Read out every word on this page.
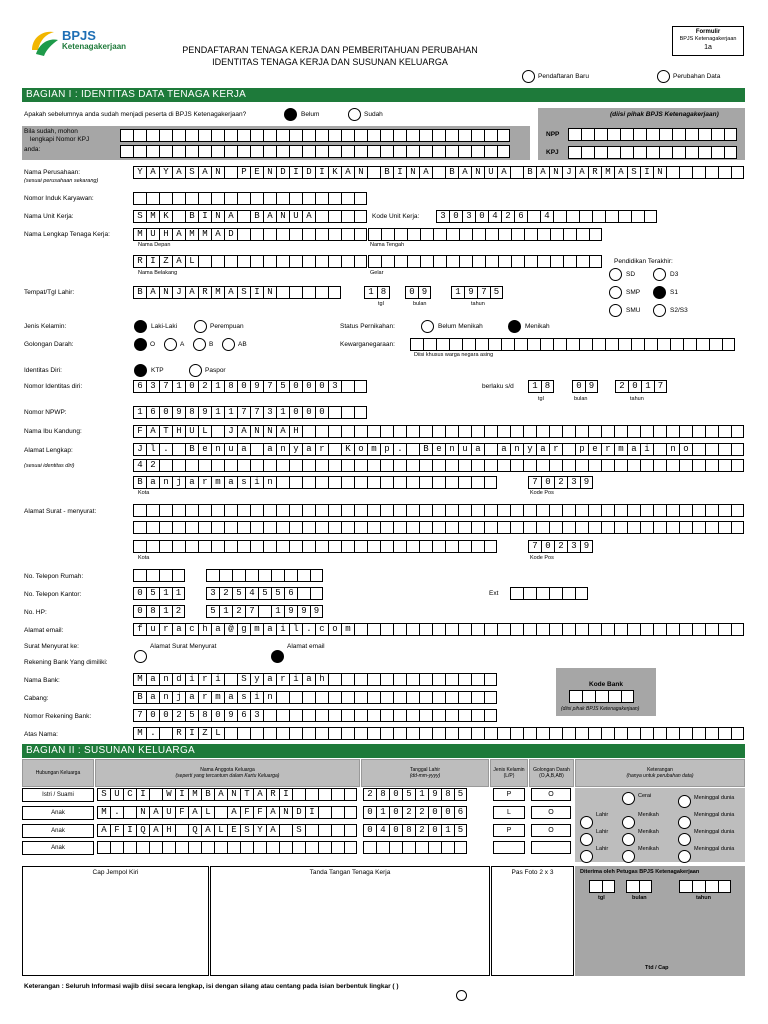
BPJS
Ketenagakerjaan	PENDAFTARAN TENAGA KERJA DAN PEMBERITAHUAN PERUBAHAN
IDENTITAS TENAGA KERJA DAN SUSUNAN KELUARGA
Formulir
BPJS Ketenagakerjaan
1a
Pendaftaran Baru	Perubahan Data
BAGIAN I : IDENTITAS DATA TENAGA KERJA
Apakah sebelumnya anda sudah menjadi peserta di BPJS Ketenagakerjaan?	Belum	Sudah
Bila sudah, mohon
lengkapi Nomor KPJ
anda:
(diisi pihak BPJS Ketenagakerjaan)
NPP
KPJ
Nama Perusahaan:
(sesuai perusahaan sekarang)
Y A Y A S A N	P E N D I D I K A N	B I N A	B A N U A	B A N J A R M A S I N
Nomor Induk Karyawan:
Nama Unit Kerja:	S M K	B I N A	B A N U A	Kode Unit Kerja:	3 0 3 0 4 2 6	4
Nama Lengkap Tenaga Kerja:	M U H A M M A D
Nama Depan	Nama Tengah
R I Z A L
Nama Belakang	Gelar
Pendidikan Terakhir:
SD	D3
SMP	S1
SMU	S2/S3
Tempat/Tgl Lahir:	B A N J A R M A S I N	1 8	0 9	1 9 7 5
tgl	bulan	tahun
Jenis Kelamin:	Laki-Laki	Perempuan	Status Pernikahan:	Belum Menikah	Menikah
Golongan Darah:	O	A	B	AB	Kewarganegaraan:
Diisi khusus warga negara asing
Identitas Diri:	KTP	Paspor
Nomor Identitas diri:	6 3 7 1 0 2 1 8 0 9 7 5 0 0 0 3	berlaku s/d	1 8	0 9	2 0 1 7
tgl	bulan	tahun
Nomor NPWP:	1 6 0 9 8 9 1 1 7 7 3 1 0 0 0
Nama Ibu Kandung:	F A T H U L	J A N N A H
Alamat Lengkap:
(sesuai identitas diri)
J l .	B e n u a	a n y a r	K o m p .	B e n u a	a n y a r	p e r m a i	n o
4 2
B a n j a r m a s i n
Kota
7 0 2 3 9
Kode Pos
Alamat Surat - menyurat:
Kota
7 0 2 3 9
Kode Pos
No. Telepon Rumah:
No. Telepon Kantor:	0 5 1 1	3 2 5 4 5 5 6	Ext
No. HP:	0 8 1 2	5 1 2 7	1 9 9 9
Alamat email:	f u r a c h a @ g m a i l . c o m
Surat Menyurat ke:	Alamat Surat Menyurat	Alamat email
Rekening Bank Yang dimiliki:
Nama Bank:	M a n d i r i	S y a r i a h
Cabang:	B a n j a r m a s i n
Nomor Rekening Bank:	7 0 0 2 5 8 0 9 6 3
Atas Nama:	M .	R I Z L
Kode Bank
(diisi pihak BPJS Ketenagakerjaan)
BAGIAN II : SUSUNAN KELUARGA
Hubungan Keluarga
Nama Anggota Keluarga
(seperti yang tercantum dalam Kartu Keluarga)
Tanggal Lahir
(dd-mm-yyyy)
Jenis Kelamin (L/P)
Golongan Darah (O,A,B,AB)
Keterangan
(hanya untuk perubahan data)
Istri / Suami	S U C I	W I M B A N T A R I	2 8 0 5 1 9 8 5	P	O
Anak	M .	N A U F A L	A F F A N D I	0 1 0 2 2 0 0 6	L	O
Anak	A F I Q A H	Q A L E S Y A	S	0 4 0 8 2 0 1 5	P	O
Anak
Cerai	Meninggal dunia
Lahir	Menikah	Meninggal dunia
Lahir	Menikah	Meninggal dunia
Lahir	Menikah	Meninggal dunia
Cap Jempol Kiri	Tanda Tangan Tenaga Kerja	Pas Foto 2 x 3	Diterima oleh Petugas BPJS Ketenagakerjaan
tgl	bulan	tahun
Ttd / Cap
Keterangan : Seluruh Informasi wajib diisi secara lengkap, isi dengan silang atau centang pada isian berbentuk lingkar ( )
